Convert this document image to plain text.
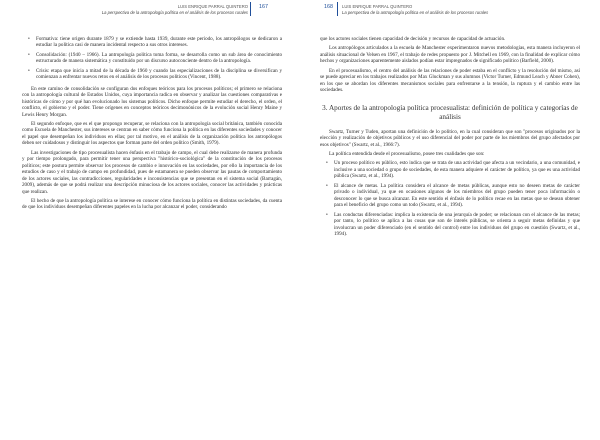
LUIS ENRIQUE PARRAL QUINTERO
La perspectiva de la antropología política en el análisis de los procesos rurales
167
• Formativa: tiene origen durante 1879 y se extiende hasta 1939, durante este periodo, los antropólogos se dedicaron a estudiar la política casi de manera incidental respecto a sus otros intereses.
• Consolidación: (1940 – 1966). La antropología política toma forma, se desarrolla como un sub área de conocimiento estructurado de manera sistemática y constituido por un discurso autoconciente dentro de la antropología.
• Crisis: etapa que inicia a mitad de la década de 1960 y cuando las especializaciones de la disciplina se diversifican y comienzan a enfrentar nuevos retos en el análisis de los procesos políticos (Vincent, 1988).

En este camino de consolidación se configuran dos enfoques teóricos para los procesos políticos; el primero se relaciona con la antropología cultural de Estados Unidos, cuya importancia radica en observar y analizar las cuestiones comparativas e históricas de cómo y por qué han evolucionado los sistemas políticos. Dicho enfoque permite estudiar el derecho, el orden, el conflicto, el gobierno y el poder. Tiene orígenes en conceptos teóricos decimonónicos de la evolución social Henry Maine y Lewis Henry Morgan.

El segundo enfoque, que es el que propongo recuperar, se relaciona con la antropología social británica, también conocida como Escuela de Manchester, sus intereses se centran en saber cómo funciona la política en las diferentes sociedades y conocer el papel que desempeñan los individuos en ellas; por tal motivo, en el análisis de la organización política los antropólogos deben ser cuidadosos y distinguir los aspectos que forman parte del orden político (Smith, 1979).

Las investigaciones de tipo procesualista hacen énfasis en el trabajo de campo, el cual debe realizarse de manera profunda y por tiempo prolongado, para permitir tener una perspectiva "histórico-sociológica" de la constitución de los procesos políticos; este postura permite observar los procesos de cambio e innovación en las sociedades, por ello la importancia de los estudios de caso y el trabajo de campo en profundidad, pues de estamanera se pueden observar las pautas de comportamiento de los actores sociales, las contradicciones, regularidades e inconsistencias que se presentan en el sistema social (Barragán, 2009), además de que se podrá realizar una descripción minuciosa de los actores sociales, conocer las actividades y prácticas que realizan.

El hecho de que la antropología política se interese en conocer cómo funciona la política en distintas sociedades, da cuenta de que los individuos desempeñan diferentes papeles en la lucha por alcanzar el poder, considerando

168 LUIS ENRIQUE PARRAL QUINTERO
La perspectiva de la antropología política en el análisis de los procesos rurales

que los actores sociales tienen capacidad de decisión y recursos de capacidad de actuación.

Los antropólogos articulados a la escuela de Manchester experimentaron nuevos metodologías, esta manera incluyeron el análisis situacional de Velsen en 1967, el trabajo de redes propuesto por J. Mitchell en 1969, con la finalidad de explicar cómo hechos y organizaciones aparentemente aislados podían estar impregnados de significado político (Barfield, 2000).

En el procesualismo, el centro del análisis de las relaciones de poder estaba en el conflicto y la resolución del mismo, así se puede apreciar en los trabajos realizados por Max Gluckman y sus alumnos (Victor Turner, Edmund Leach y Abner Cohen), en los que se abordan los diferentes mecanismos sociales para enfrentarse a la tensión, la ruptura y el cambio entre las sociedades.

3. Aportes de la antropología política procesualista: definición de política y categorías de análisis

Swartz, Turner y Tuden, aportan una definición de lo político, en la cual consideran que son "procesos originados por la elección y realización de objetivos públicos y el uso diferencial del poder por parte de los miembros del grupo afectados por esos objetivos" (Swartz, et al., 1966:7).

La política entendida desde el procesualismo, posee tres cualidades que son:

• Un proceso político es público, esto indica que se trata de una actividad que afecta a un vecindario, a una comunidad, e inclusive a una sociedad o grupo de sociedades, de esta manera adquiere el carácter de político, ya que es una actividad pública (Swartz, et al., 1994).
• El alcance de metas. La política considera el alcance de metas públicas, aunque esto no deseen metas de carácter privado o individual, ya que en ocasiones algunos de los miembros del grupo pueden tener poca información o desconocer lo que se busca alcanzar. En este sentido el énfasis de lo político recae en las metas que se desean obtener para el beneficio del grupo como un todo (Swartz, et al., 1994).
• Las conductas diferenciadas: implica la existencia de una jerarquía de poder; se relacionan con el alcance de las metas; por tanto, lo político se aplica a las cosas que son de interés públicas, se orienta a seguir metas definidas y que involucran un poder diferenciado (en el sentido del control) entre los individuos del grupo en cuestión (Swartz, et al., 1994).
